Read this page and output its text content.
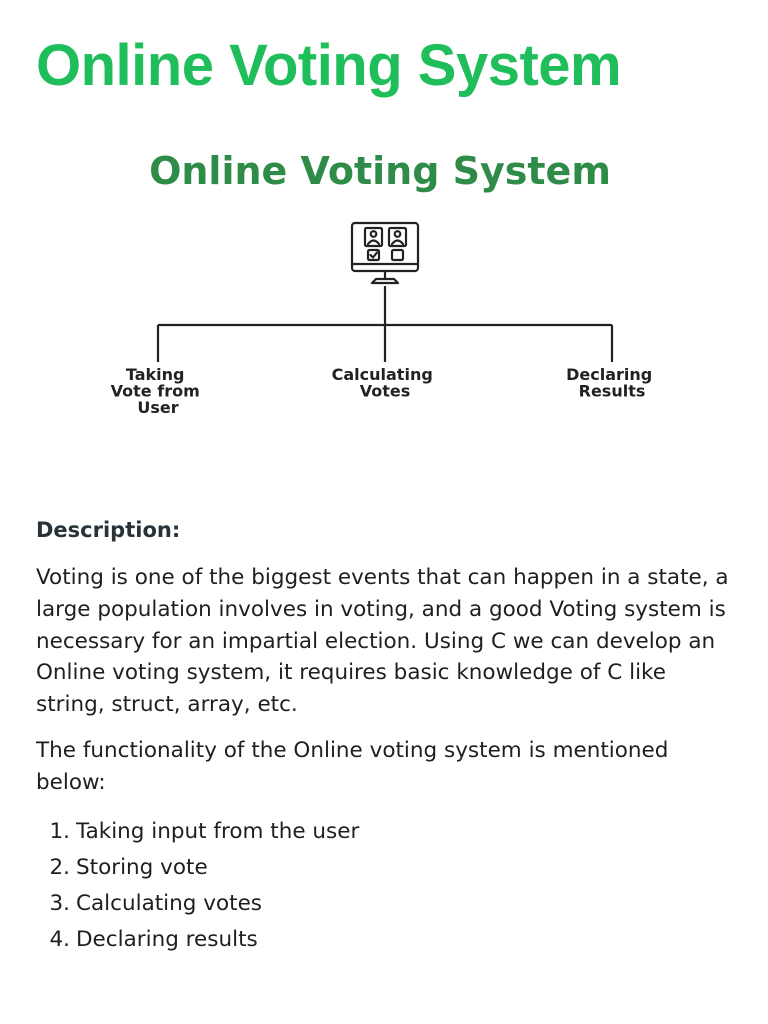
Online Voting System
Online Voting System
Taking Vote from User
Calculating Votes
Declaring Results
Description:

Voting is one of the biggest events that can happen in a state, a large population involves in voting, and a good Voting system is necessary for an impartial election. Using C we can develop an Online voting system, it requires basic knowledge of C like string, struct, array, etc.

The functionality of the Online voting system is mentioned below:

1. Taking input from the user
2. Storing vote
3. Calculating votes
4. Declaring results
